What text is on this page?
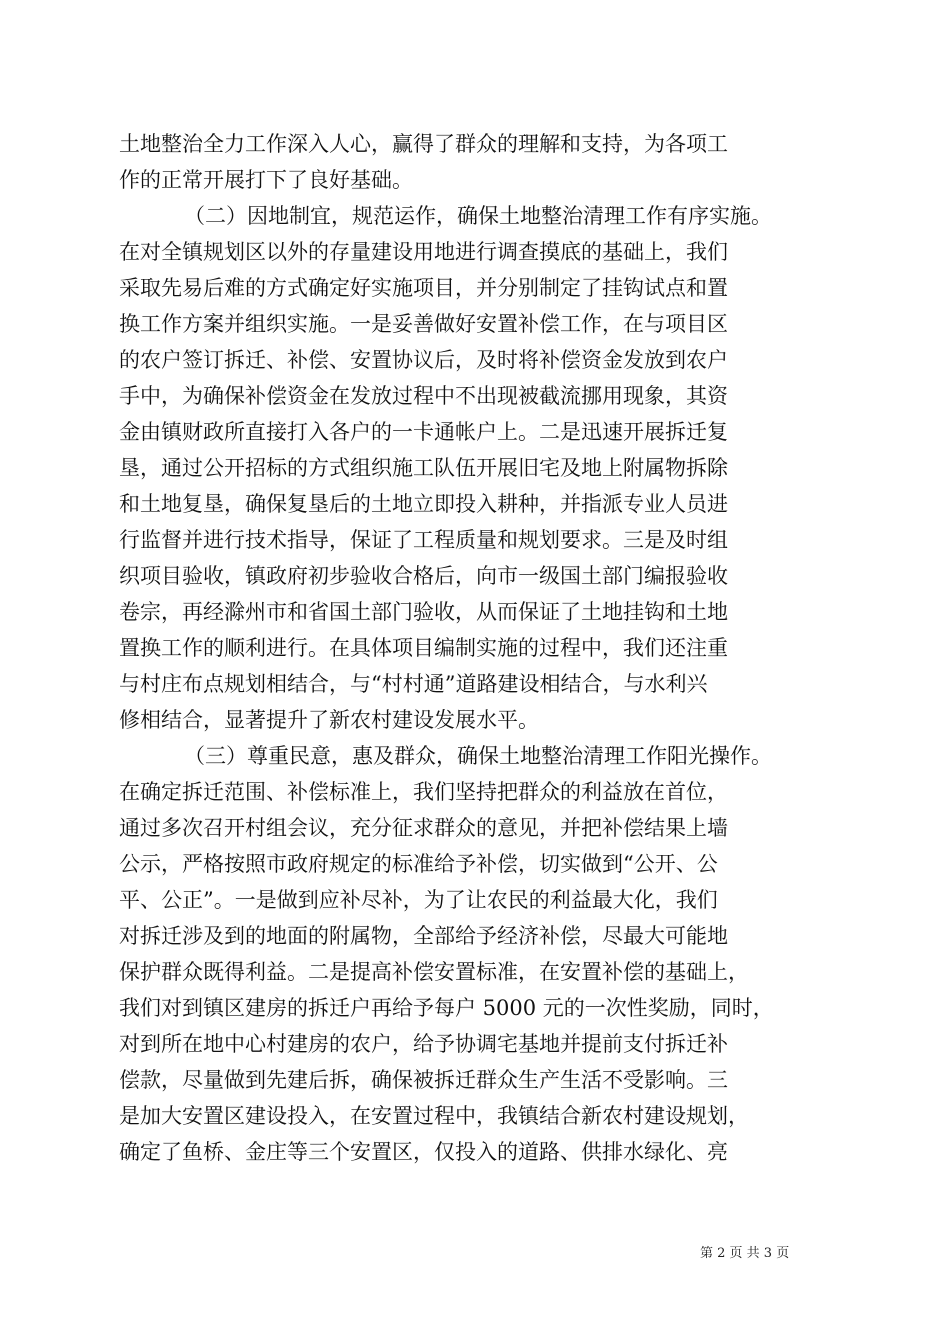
土地整治全力工作深入人心，赢得了群众的理解和支持，为各项工
作的正常开展打下了良好基础。
（二）因地制宜，规范运作，确保土地整治清理工作有序实施。
在对全镇规划区以外的存量建设用地进行调查摸底的基础上，我们
采取先易后难的方式确定好实施项目，并分别制定了挂钩试点和置
换工作方案并组织实施。一是妥善做好安置补偿工作，在与项目区
的农户签订拆迁、补偿、安置协议后，及时将补偿资金发放到农户
手中，为确保补偿资金在发放过程中不出现被截流挪用现象，其资
金由镇财政所直接打入各户的一卡通帐户上。二是迅速开展拆迁复
垦，通过公开招标的方式组织施工队伍开展旧宅及地上附属物拆除
和土地复垦，确保复垦后的土地立即投入耕种，并指派专业人员进
行监督并进行技术指导，保证了工程质量和规划要求。三是及时组
织项目验收，镇政府初步验收合格后，向市一级国土部门编报验收
卷宗，再经滁州市和省国土部门验收，从而保证了土地挂钩和土地
置换工作的顺利进行。在具体项目编制实施的过程中，我们还注重
与村庄布点规划相结合，与“村村通”道路建设相结合，与水利兴
修相结合，显著提升了新农村建设发展水平。
（三）尊重民意，惠及群众，确保土地整治清理工作阳光操作。
在确定拆迁范围、补偿标准上，我们坚持把群众的利益放在首位，
通过多次召开村组会议，充分征求群众的意见，并把补偿结果上墙
公示，严格按照市政府规定的标准给予补偿，切实做到“公开、公
平、公正”。一是做到应补尽补，为了让农民的利益最大化，我们
对拆迁涉及到的地面的附属物，全部给予经济补偿，尽最大可能地
保护群众既得利益。二是提高补偿安置标准，在安置补偿的基础上，
我们对到镇区建房的拆迁户再给予每户 5000 元的一次性奖励，同时，
对到所在地中心村建房的农户，给予协调宅基地并提前支付拆迁补
偿款，尽量做到先建后拆，确保被拆迁群众生产生活不受影响。三
是加大安置区建设投入，在安置过程中，我镇结合新农村建设规划，
确定了鱼桥、金庄等三个安置区，仅投入的道路、供排水绿化、亮
第 2 页 共 3 页
